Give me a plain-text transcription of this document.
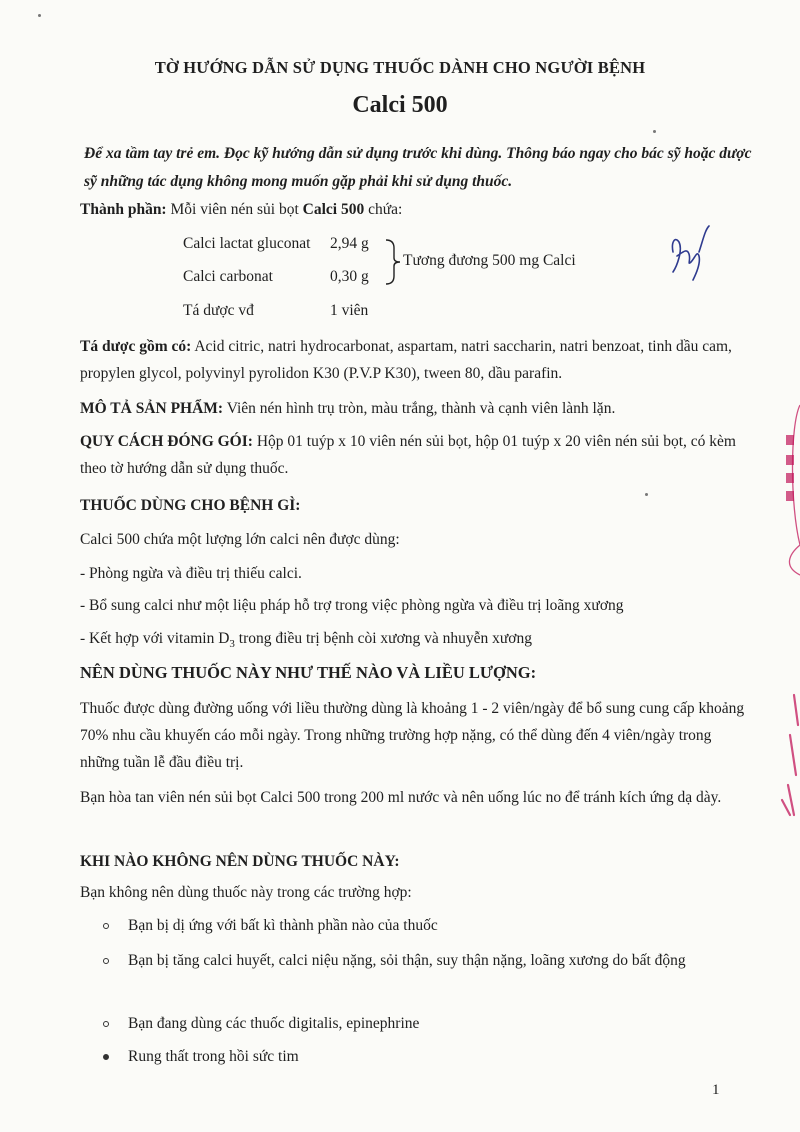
TỜ HƯỚNG DẪN SỬ DỤNG THUỐC DÀNH CHO NGƯỜI BỆNH
Calci 500
Để xa tầm tay trẻ em. Đọc kỹ hướng dẫn sử dụng trước khi dùng. Thông báo ngay cho bác sỹ hoặc dược sỹ những tác dụng không mong muốn gặp phải khi sử dụng thuốc.
Thành phần: Mỗi viên nén sủi bọt Calci 500 chứa:
Calci lactat gluconat 2,94 g
Calci carbonat	0,30 g
Tá dược vđ	1 viên
Tương đương 500 mg Calci
Tá dược gồm có: Acid citric, natri hydrocarbonat, aspartam, natri saccharin, natri benzoat, tinh dầu cam, propylen glycol, polyvinyl pyrolidon K30 (P.V.P K30), tween 80, dầu parafin.
MÔ TẢ SẢN PHẨM: Viên nén hình trụ tròn, màu trắng, thành và cạnh viên lành lặn.
QUY CÁCH ĐÓNG GÓI: Hộp 01 tuýp x 10 viên nén sủi bọt, hộp 01 tuýp x 20 viên nén sủi bọt, có kèm theo tờ hướng dẫn sử dụng thuốc.
THUỐC DÙNG CHO BỆNH GÌ:
Calci 500 chứa một lượng lớn calci nên được dùng:
- Phòng ngừa và điều trị thiếu calci.
- Bổ sung calci như một liệu pháp hỗ trợ trong việc phòng ngừa và điều trị loãng xương
- Kết hợp với vitamin $D_3$ trong điều trị bệnh còi xương và nhuyễn xương
NÊN DÙNG THUỐC NÀY NHƯ THẾ NÀO VÀ LIỀU LƯỢNG:
Thuốc được dùng đường uống với liều thường dùng là khoảng 1 - 2 viên/ngày để bổ sung cung cấp khoảng 70% nhu cầu khuyến cáo mỗi ngày. Trong những trường hợp nặng, có thể dùng đến 4 viên/ngày trong những tuần lễ đầu điều trị.
Bạn hòa tan viên nén sủi bọt Calci 500 trong 200 ml nước và nên uống lúc no để tránh kích ứng dạ dày.
KHI NÀO KHÔNG NÊN DÙNG THUỐC NÀY:
Bạn không nên dùng thuốc này trong các trường hợp:
Bạn bị dị ứng với bất kì thành phần nào của thuốc
Bạn bị tăng calci huyết, calci niệu nặng, sỏi thận, suy thận nặng, loãng xương do bất động
Bạn đang dùng các thuốc digitalis, epinephrine
Rung thất trong hồi sức tim
1
